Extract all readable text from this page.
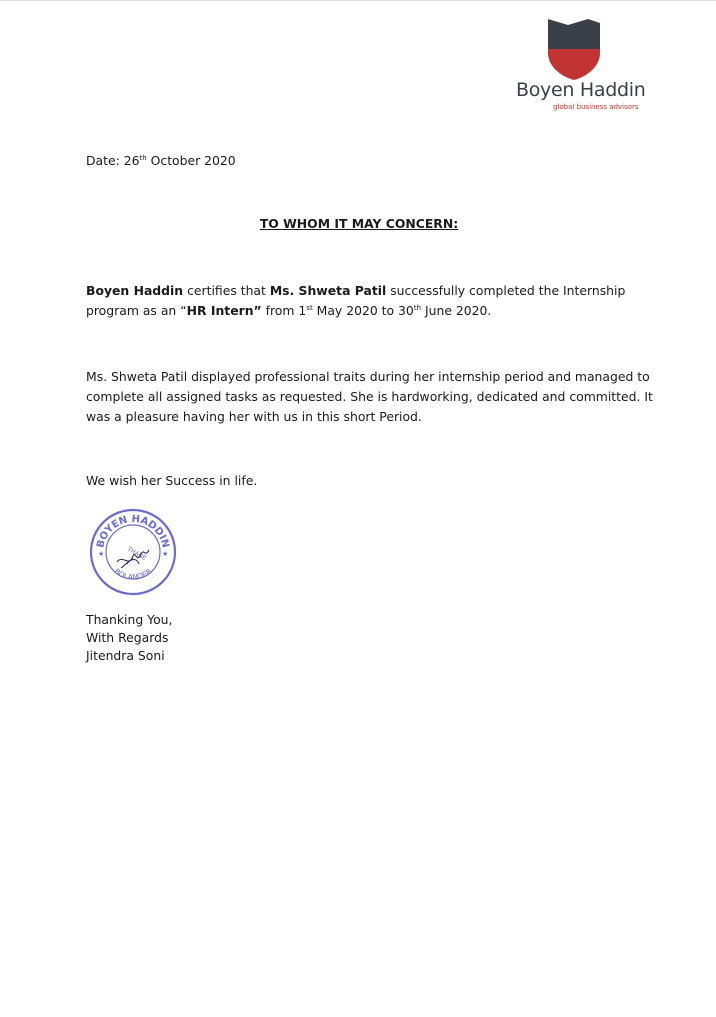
Boyen Haddin
global business advisors
Date: 26th October 2020
TO WHOM IT MAY CONCERN:

Boyen Haddin certifies that Ms. Shweta Patil successfully completed the Internship

program as an “HR Intern” from 1st May 2020 to 30th June 2020.

Ms. Shweta Patil displayed professional traits during her internship period and managed to

complete all assigned tasks as requested. She is hardworking, dedicated and committed. It

was a pleasure having her with us in this short Period.

We wish her Success in life.
BOYEN HADDIN
BOLANDER
THANE
★	★

Thanking You,

With Regards

Jitendra Soni
